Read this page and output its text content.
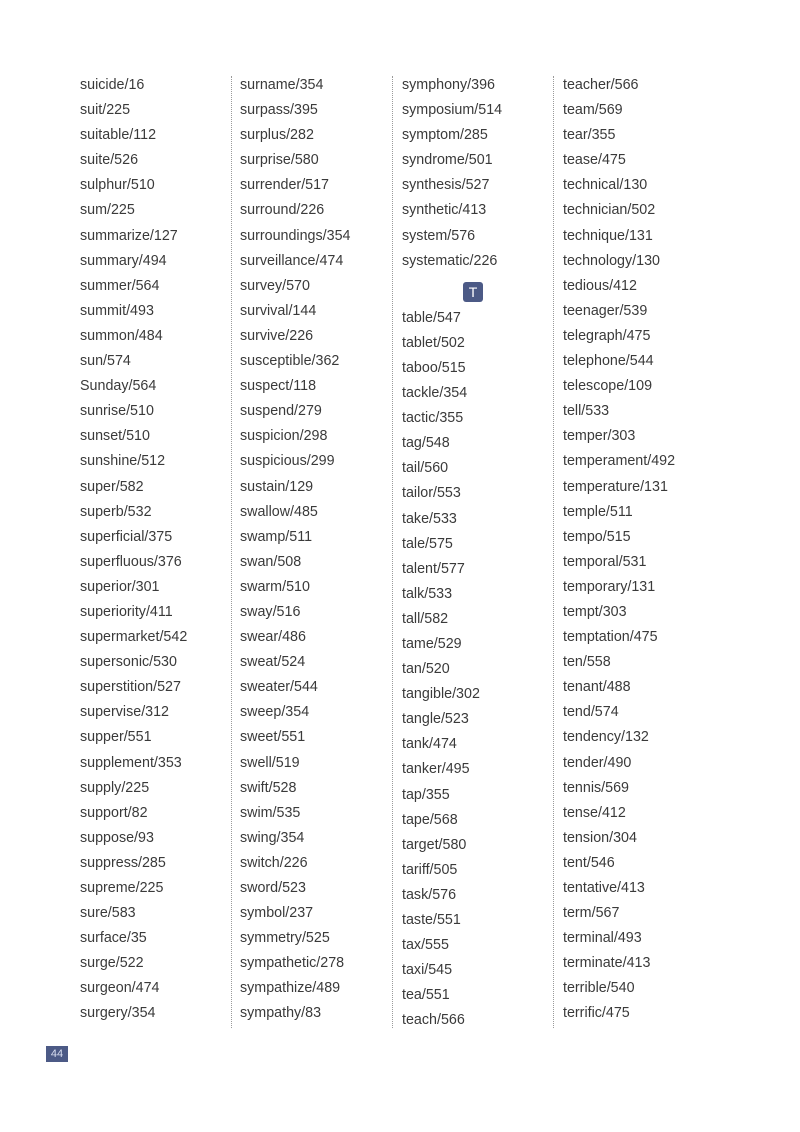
suicide/16
suit/225
suitable/112
suite/526
sulphur/510
sum/225
summarize/127
summary/494
summer/564
summit/493
summon/484
sun/574
Sunday/564
sunrise/510
sunset/510
sunshine/512
super/582
superb/532
superficial/375
superfluous/376
superior/301
superiority/411
supermarket/542
supersonic/530
superstition/527
supervise/312
supper/551
supplement/353
supply/225
support/82
suppose/93
suppress/285
supreme/225
sure/583
surface/35
surge/522
surgeon/474
surgery/354
surname/354
surpass/395
surplus/282
surprise/580
surrender/517
surround/226
surroundings/354
surveillance/474
survey/570
survival/144
survive/226
susceptible/362
suspect/118
suspend/279
suspicion/298
suspicious/299
sustain/129
swallow/485
swamp/511
swan/508
swarm/510
sway/516
swear/486
sweat/524
sweater/544
sweep/354
sweet/551
swell/519
swift/528
swim/535
swing/354
switch/226
sword/523
symbol/237
symmetry/525
sympathetic/278
sympathize/489
sympathy/83
symphony/396
symposium/514
symptom/285
syndrome/501
synthesis/527
synthetic/413
system/576
systematic/226
T
table/547
tablet/502
taboo/515
tackle/354
tactic/355
tag/548
tail/560
tailor/553
take/533
tale/575
talent/577
talk/533
tall/582
tame/529
tan/520
tangible/302
tangle/523
tank/474
tanker/495
tap/355
tape/568
target/580
tariff/505
task/576
taste/551
tax/555
taxi/545
tea/551
teach/566
teacher/566
team/569
tear/355
tease/475
technical/130
technician/502
technique/131
technology/130
tedious/412
teenager/539
telegraph/475
telephone/544
telescope/109
tell/533
temper/303
temperament/492
temperature/131
temple/511
tempo/515
temporal/531
temporary/131
tempt/303
temptation/475
ten/558
tenant/488
tend/574
tendency/132
tender/490
tennis/569
tense/412
tension/304
tent/546
tentative/413
term/567
terminal/493
terminate/413
terrible/540
terrific/475
44
